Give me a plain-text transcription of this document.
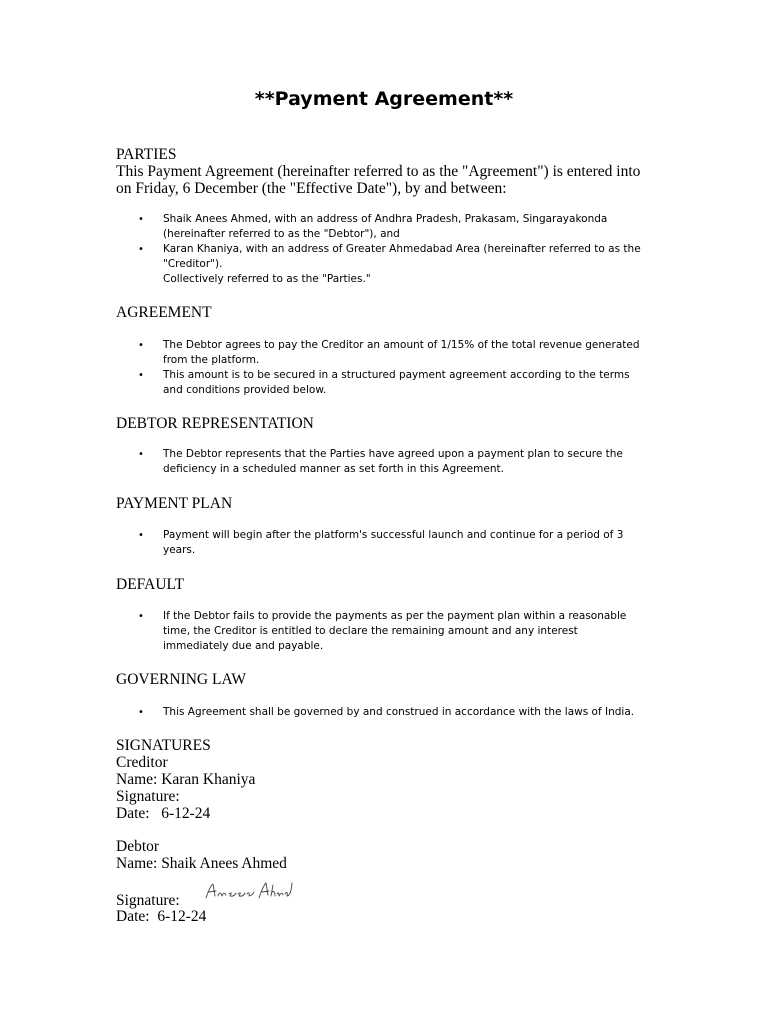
**Payment Agreement**

PARTIES

This Payment Agreement (hereinafter referred to as the "Agreement") is entered into on Friday, 6 December (the "Effective Date"), by and between:

• Shaik Anees Ahmed, with an address of Andhra Pradesh, Prakasam, Singarayakonda (hereinafter referred to as the "Debtor"), and
• Karan Khaniya, with an address of Greater Ahmedabad Area (hereinafter referred to as the "Creditor").
Collectively referred to as the "Parties."

AGREEMENT

• The Debtor agrees to pay the Creditor an amount of 1/15% of the total revenue generated from the platform.
• This amount is to be secured in a structured payment agreement according to the terms and conditions provided below.

DEBTOR REPRESENTATION

• The Debtor represents that the Parties have agreed upon a payment plan to secure the deficiency in a scheduled manner as set forth in this Agreement.

PAYMENT PLAN

• Payment will begin after the platform's successful launch and continue for a period of 3 years.

DEFAULT

• If the Debtor fails to provide the payments as per the payment plan within a reasonable time, the Creditor is entitled to declare the remaining amount and any interest immediately due and payable.

GOVERNING LAW

• This Agreement shall be governed by and construed in accordance with the laws of India.

SIGNATURES

Creditor

Name: Karan Khaniya

Signature:

Date:   6-12-24

Debtor

Name: Shaik Anees Ahmed

Signature:

Date:  6-12-24
